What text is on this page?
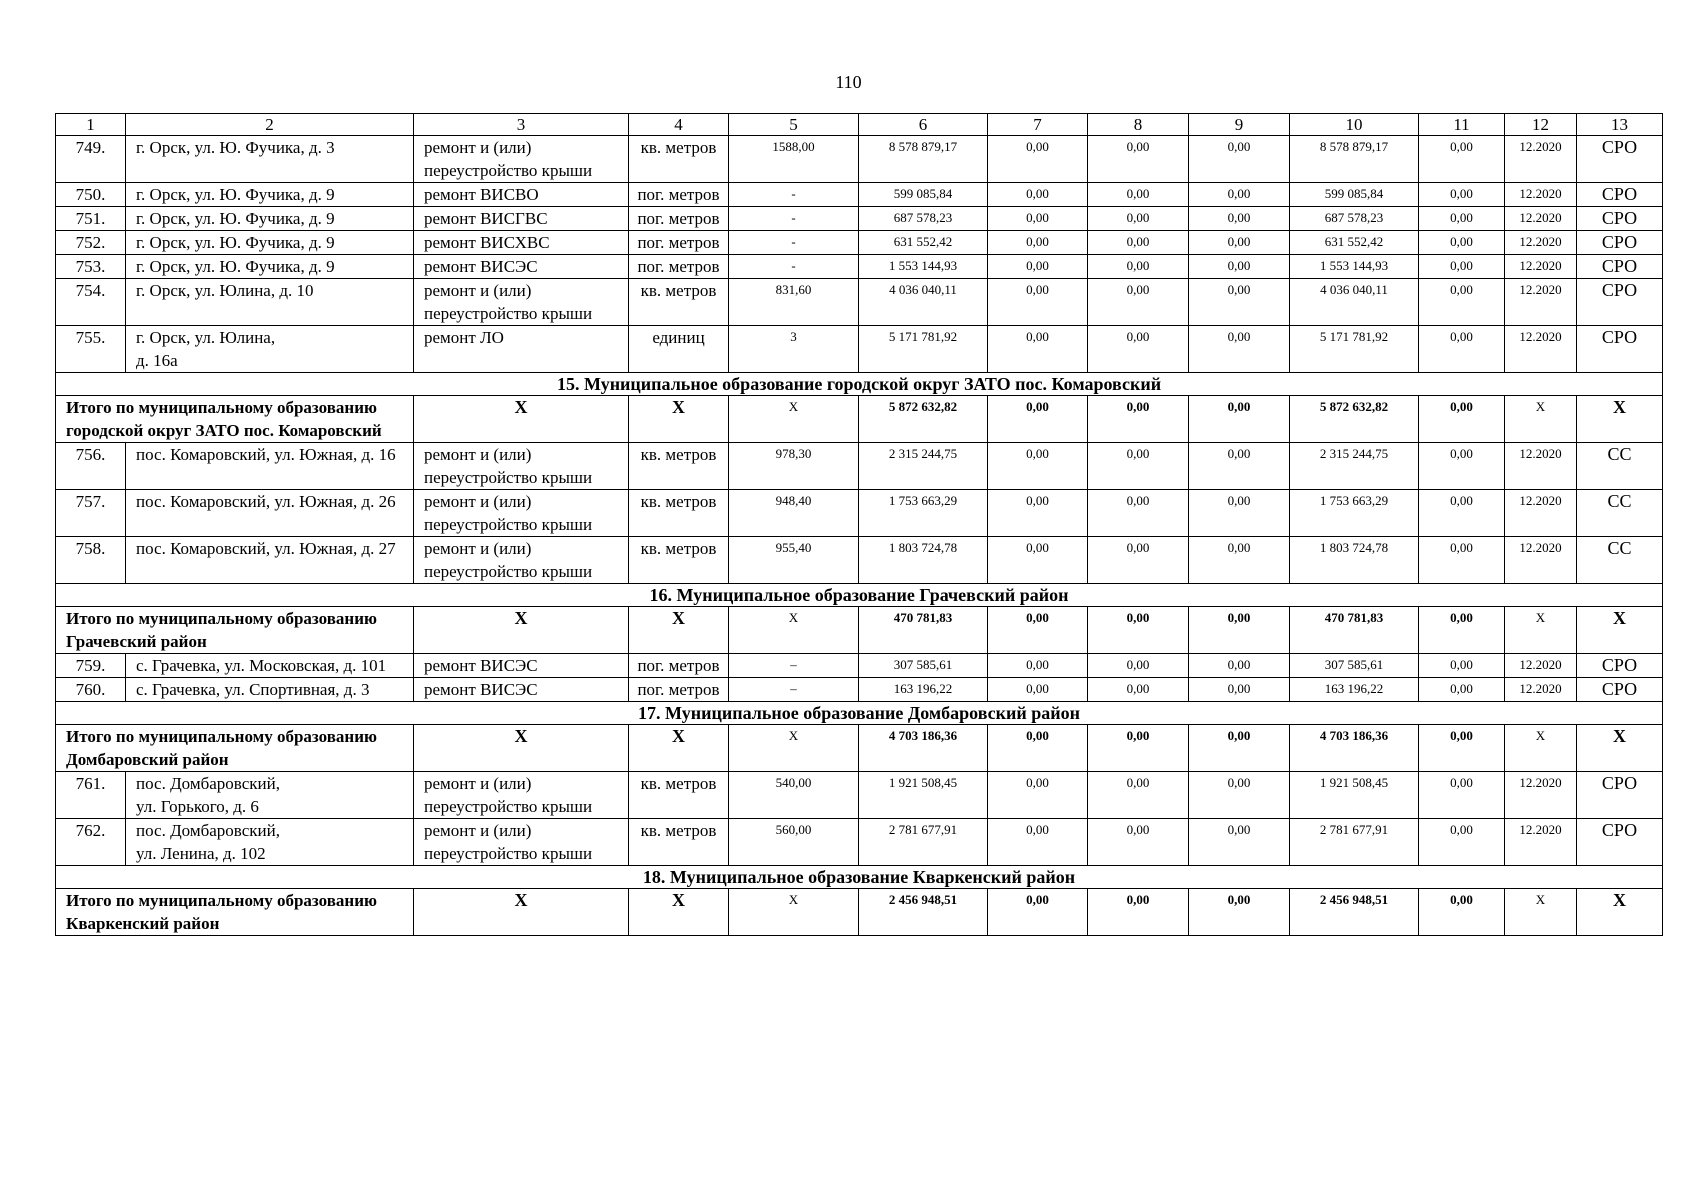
110
1	2	3	4	5	6	7	8	9	10	11	12	13
749.	г. Орск, ул. Ю. Фучика, д. 3	ремонт и (или) переустройство крыши	кв. метров	1588,00	8 578 879,17	0,00	0,00	0,00	8 578 879,17	0,00	12.2020	СРО
750.	г. Орск, ул. Ю. Фучика, д. 9	ремонт ВИСВО	пог. метров	-	599 085,84	0,00	0,00	0,00	599 085,84	0,00	12.2020	СРО
751.	г. Орск, ул. Ю. Фучика, д. 9	ремонт ВИСГВС	пог. метров	-	687 578,23	0,00	0,00	0,00	687 578,23	0,00	12.2020	СРО
752.	г. Орск, ул. Ю. Фучика, д. 9	ремонт ВИСХВС	пог. метров	-	631 552,42	0,00	0,00	0,00	631 552,42	0,00	12.2020	СРО
753.	г. Орск, ул. Ю. Фучика, д. 9	ремонт ВИСЭС	пог. метров	-	1 553 144,93	0,00	0,00	0,00	1 553 144,93	0,00	12.2020	СРО
754.	г. Орск, ул. Юлина, д. 10	ремонт и (или) переустройство крыши	кв. метров	831,60	4 036 040,11	0,00	0,00	0,00	4 036 040,11	0,00	12.2020	СРО
755.	г. Орск, ул. Юлина,
д. 16а	ремонт ЛО	единиц	3	5 171 781,92	0,00	0,00	0,00	5 171 781,92	0,00	12.2020	СРО
15. Муниципальное образование городской округ ЗАТО пос. Комаровский												
Итого по муниципальному образованию городской округ ЗАТО пос. Комаровский		X	X	X	5 872 632,82	0,00	0,00	0,00	5 872 632,82	0,00	X	X
756.	пос. Комаровский, ул. Южная, д. 16	ремонт и (или) переустройство крыши	кв. метров	978,30	2 315 244,75	0,00	0,00	0,00	2 315 244,75	0,00	12.2020	СС
757.	пос. Комаровский, ул. Южная, д. 26	ремонт и (или) переустройство крыши	кв. метров	948,40	1 753 663,29	0,00	0,00	0,00	1 753 663,29	0,00	12.2020	СС
758.	пос. Комаровский, ул. Южная, д. 27	ремонт и (или) переустройство крыши	кв. метров	955,40	1 803 724,78	0,00	0,00	0,00	1 803 724,78	0,00	12.2020	СС
16. Муниципальное образование Грачевский район												
Итого по муниципальному образованию Грачевский район		X	X	X	470 781,83	0,00	0,00	0,00	470 781,83	0,00	X	X
759.	с. Грачевка, ул. Московская, д. 101	ремонт ВИСЭС	пог. метров	–	307 585,61	0,00	0,00	0,00	307 585,61	0,00	12.2020	СРО
760.	с. Грачевка, ул. Спортивная, д. 3	ремонт ВИСЭС	пог. метров	–	163 196,22	0,00	0,00	0,00	163 196,22	0,00	12.2020	СРО
17. Муниципальное образование Домбаровский район												
Итого по муниципальному образованию Домбаровский район		X	X	X	4 703 186,36	0,00	0,00	0,00	4 703 186,36	0,00	X	X
761.	пос. Домбаровский,
ул. Горького, д. 6	ремонт и (или) переустройство крыши	кв. метров	540,00	1 921 508,45	0,00	0,00	0,00	1 921 508,45	0,00	12.2020	СРО
762.	пос. Домбаровский,
ул. Ленина, д. 102	ремонт и (или) переустройство крыши	кв. метров	560,00	2 781 677,91	0,00	0,00	0,00	2 781 677,91	0,00	12.2020	СРО
18. Муниципальное образование Кваркенский район												
Итого по муниципальному образованию Кваркенский район		X	X	X	2 456 948,51	0,00	0,00	0,00	2 456 948,51	0,00	X	X
